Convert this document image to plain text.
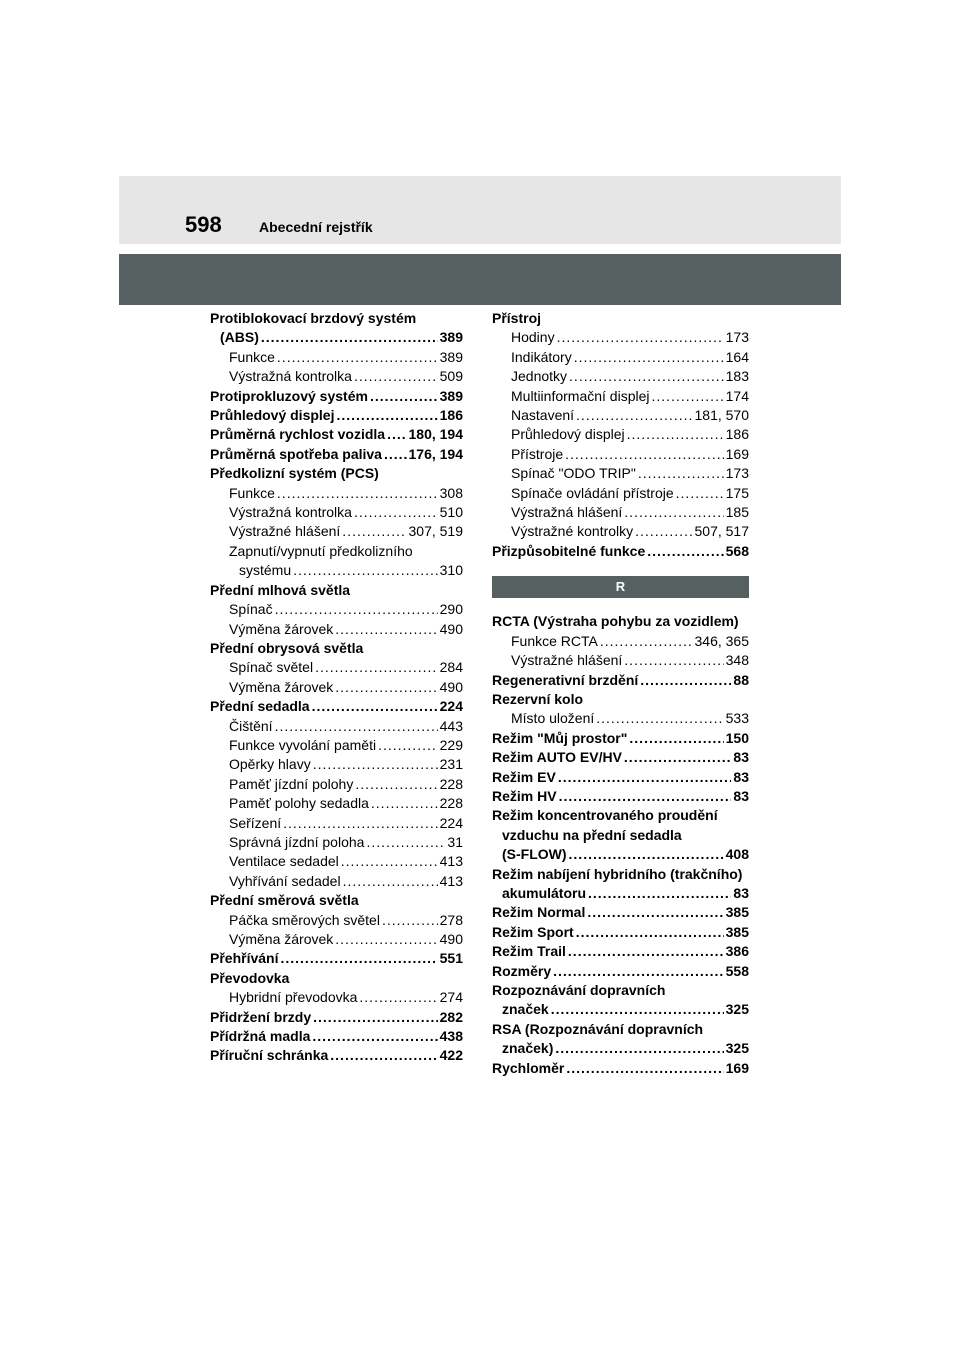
598	Abecední rejstřík
Protiblokovací brzdový systém
(ABS) .....	389
Funkce .....	389
Výstražná kontrolka .....	509
Protiprokluzový systém .....	389
Průhledový displej .....	186
Průměrná rychlost vozidla ..... 180, 194
Průměrná spotřeba paliva ..... 176, 194
Předkolizní systém (PCS)
Funkce .....	308
Výstražná kontrolka .....	510
Výstražné hlášení .....	307, 519
Zapnutí/vypnutí předkolizního
systému .....	310
Přední mlhová světla
Spínač .....	290
Výměna žárovek .....	490
Přední obrysová světla
Spínač světel .....	284
Výměna žárovek .....	490
Přední sedadla .....	224
Čištění .....	443
Funkce vyvolání paměti .....	229
Opěrky hlavy .....	231
Paměť jízdní polohy .....	228
Paměť polohy sedadla .....	228
Seřízení .....	224
Správná jízdní poloha .....	31
Ventilace sedadel .....	413
Vyhřívání sedadel .....	413
Přední směrová světla
Páčka směrových světel .....	278
Výměna žárovek .....	490
Přehřívání .....	551
Převodovka
Hybridní převodovka .....	274
Přidržení brzdy .....	282
Přídržná madla .....	438
Příruční schránka .....	422
Přístroj
Hodiny .....	173
Indikátory .....	164
Jednotky .....	183
Multiinformační displej .....	174
Nastavení .....	181, 570
Průhledový displej .....	186
Přístroje .....	169
Spínač "ODO TRIP" .....	173
Spínače ovládání přístroje .....	175
Výstražná hlášení .....	185
Výstražné kontrolky .....	507, 517
Přizpůsobitelné funkce .....	568
R
RCTA (Výstraha pohybu za vozidlem)
Funkce RCTA .....	346, 365
Výstražné hlášení .....	348
Regenerativní brzdění .....	88
Rezervní kolo
Místo uložení .....	533
Režim "Můj prostor" .....	150
Režim AUTO EV/HV .....	83
Režim EV .....	83
Režim HV .....	83
Režim koncentrovaného proudění
vzduchu na přední sedadla
(S-FLOW) .....	408
Režim nabíjení hybridního (trakčního)
akumulátoru .....	83
Režim Normal .....	385
Režim Sport .....	385
Režim Trail .....	386
Rozměry .....	558
Rozpoznávání dopravních
značek .....	325
RSA (Rozpoznávání dopravních
značek) .....	325
Rychloměr .....	169
